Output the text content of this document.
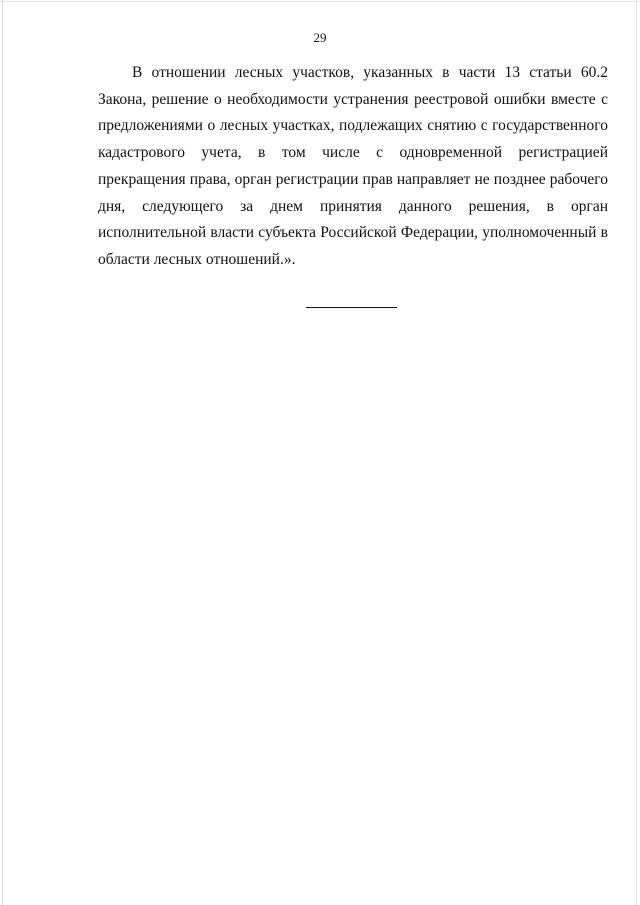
29

В отношении лесных участков, указанных в части 13 статьи 60.2 Закона, решение о необходимости устранения реестровой ошибки вместе с предложениями о лесных участках, подлежащих снятию с государственного кадастрового учета, в том числе с одновременной регистрацией прекращения права, орган регистрации прав направляет не позднее рабочего дня, следующего за днем принятия данного решения, в орган исполнительной власти субъекта Российской Федерации, уполномоченный в области лесных отношений.».
